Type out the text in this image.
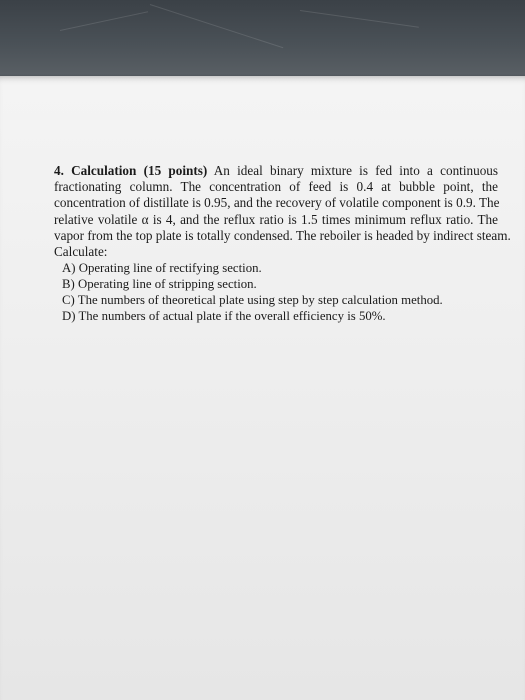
4. Calculation (15 points) An ideal binary mixture is fed into a continuous
fractionating column. The concentration of feed is 0.4 at bubble point, the
concentration of distillate is 0.95, and the recovery of volatile component is 0.9. The
relative volatile α is 4, and the reflux ratio is 1.5 times minimum reflux ratio. The
vapor from the top plate is totally condensed. The reboiler is headed by indirect steam.
Calculate:
A) Operating line of rectifying section.
B) Operating line of stripping section.
C) The numbers of theoretical plate using step by step calculation method.
D) The numbers of actual plate if the overall efficiency is 50%.
